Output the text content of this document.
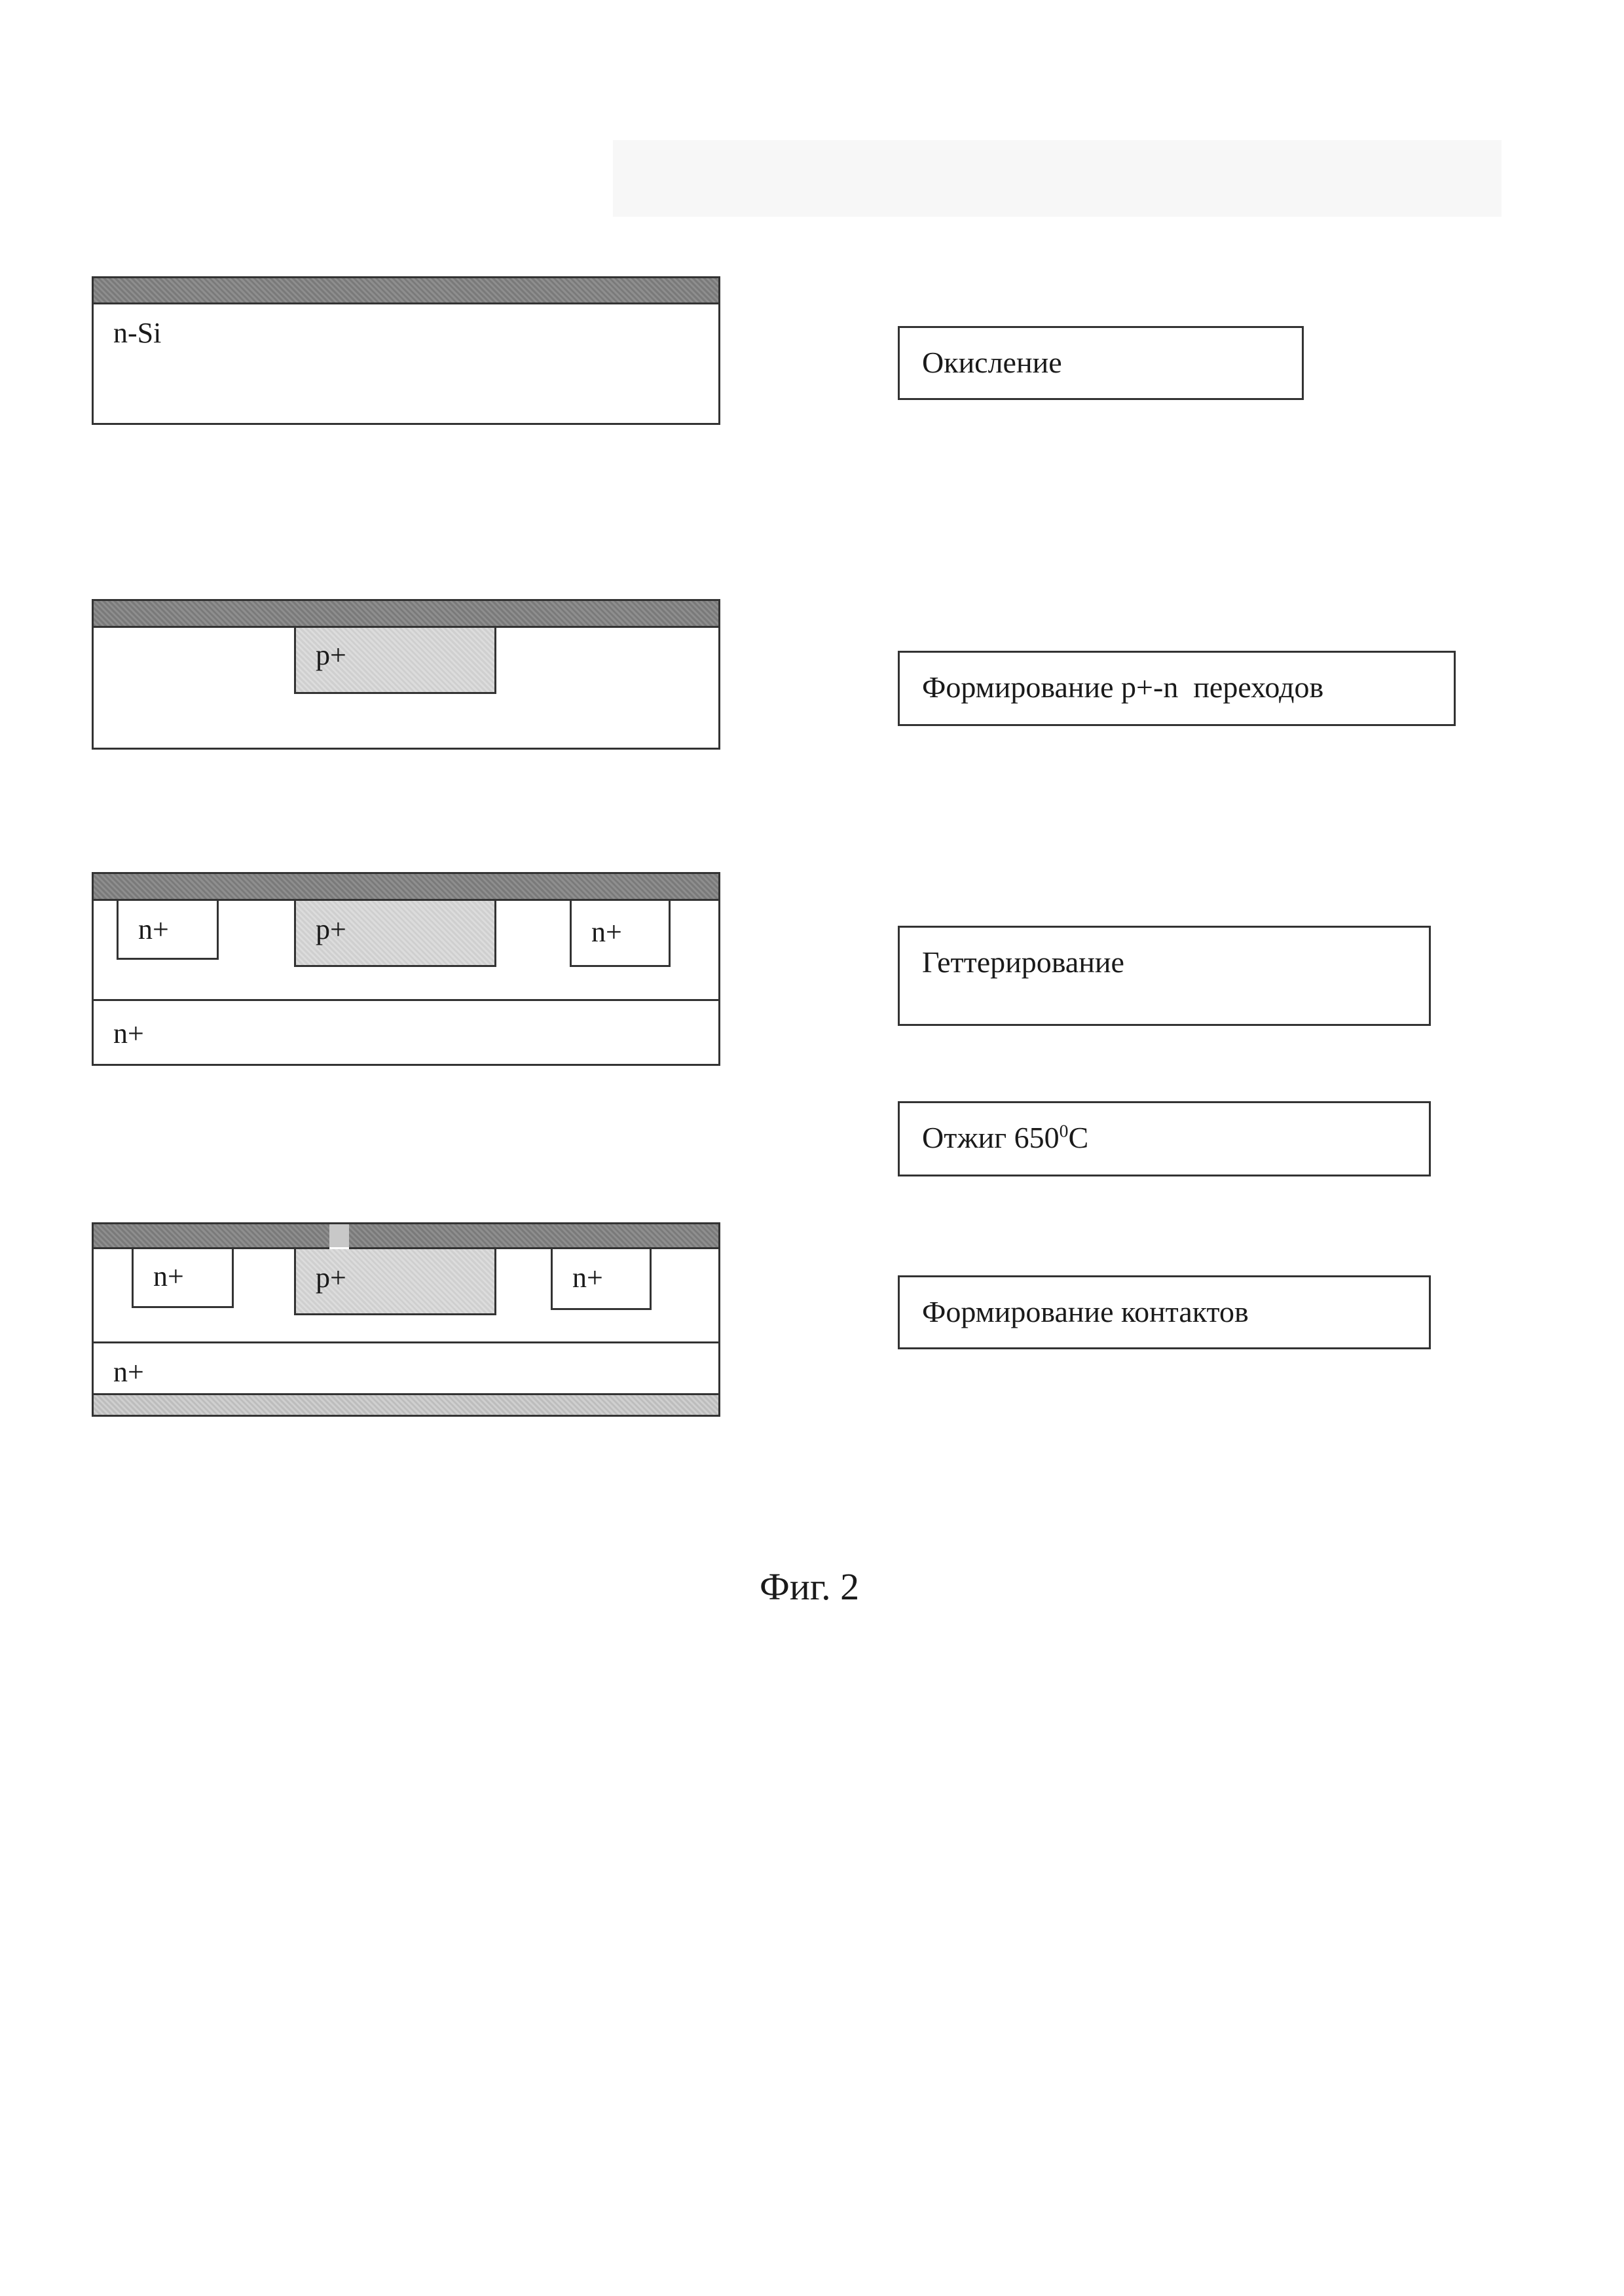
n-Si
p+
n+	p+	n+
n+
n+	p+	n+
n+
Окисление
Формирование p+-n  переходов
Геттерирование
Отжиг 6500C
Формирование контактов
Фиг. 2
